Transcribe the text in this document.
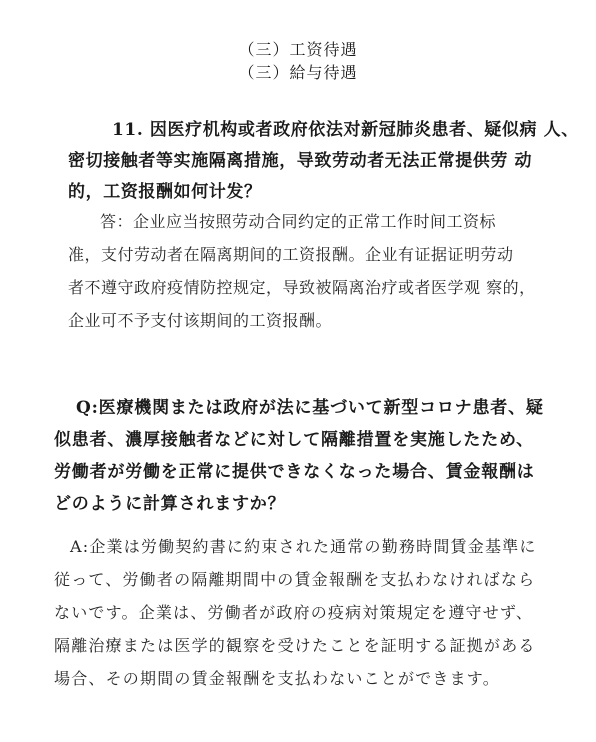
（三）工资待遇
（三）給与待遇
11. 因医疗机构或者政府依法对新冠肺炎患者、疑似病 人、
密切接触者等实施隔离措施，导致劳动者无法正常提供劳 动
的，工资报酬如何计发？
答：企业应当按照劳动合同约定的正常工作时间工资标
准，支付劳动者在隔离期间的工资报酬。企业有证据证明劳动
者不遵守政府疫情防控规定，导致被隔离治疗或者医学观 察的，
企业可不予支付该期间的工资报酬。
Q:医療機関または政府が法に基づいて新型コロナ患者、疑
似患者、濃厚接触者などに対して隔離措置を実施したため、
労働者が労働を正常に提供できなくなった場合、賃金報酬は
どのように計算されますか？
A:企業は労働契約書に約束された通常の勤務時間賃金基準に
従って、労働者の隔離期間中の賃金報酬を支払わなければなら
ないです。企業は、労働者が政府の疫病対策規定を遵守せず、
隔離治療または医学的観察を受けたことを証明する証拠がある
場合、その期間の賃金報酬を支払わないことができます。
